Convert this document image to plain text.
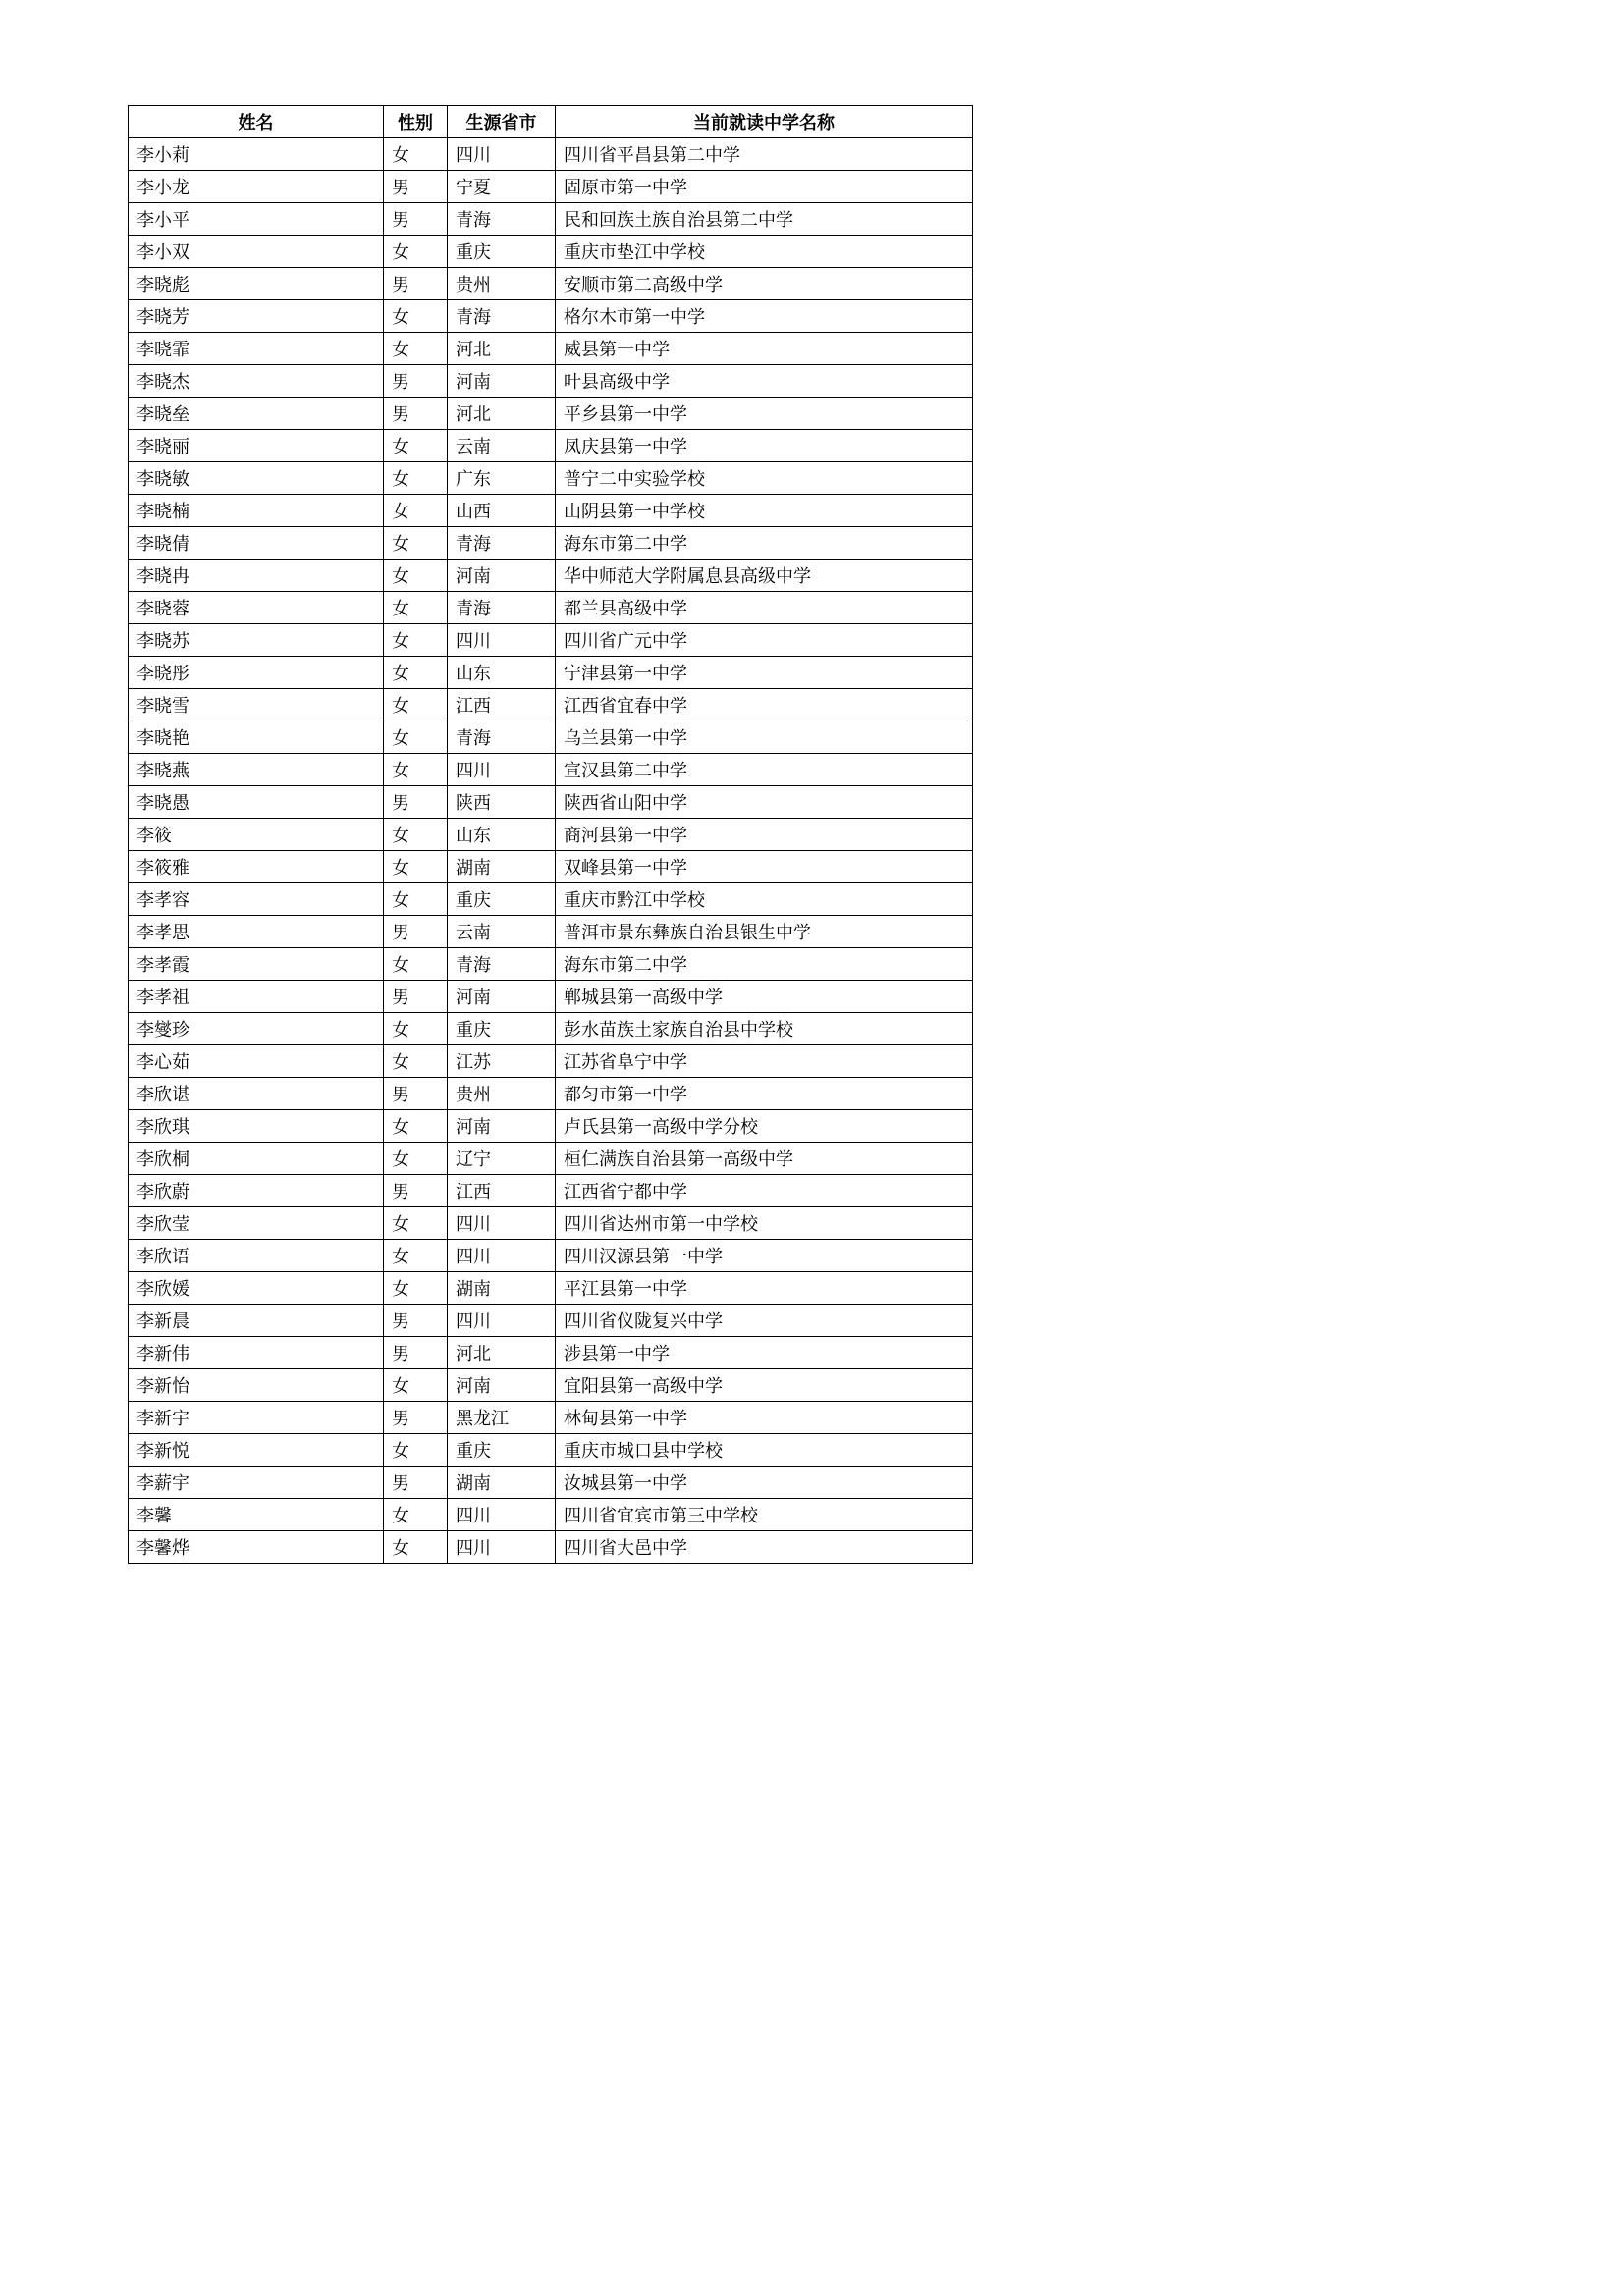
姓名	性别	生源省市	当前就读中学名称
李小莉	女	四川	四川省平昌县第二中学
李小龙	男	宁夏	固原市第一中学
李小平	男	青海	民和回族土族自治县第二中学
李小双	女	重庆	重庆市垫江中学校
李晓彪	男	贵州	安顺市第二高级中学
李晓芳	女	青海	格尔木市第一中学
李晓霏	女	河北	威县第一中学
李晓杰	男	河南	叶县高级中学
李晓垒	男	河北	平乡县第一中学
李晓丽	女	云南	凤庆县第一中学
李晓敏	女	广东	普宁二中实验学校
李晓楠	女	山西	山阴县第一中学校
李晓倩	女	青海	海东市第二中学
李晓冉	女	河南	华中师范大学附属息县高级中学
李晓蓉	女	青海	都兰县高级中学
李晓苏	女	四川	四川省广元中学
李晓彤	女	山东	宁津县第一中学
李晓雪	女	江西	江西省宜春中学
李晓艳	女	青海	乌兰县第一中学
李晓燕	女	四川	宣汉县第二中学
李晓愚	男	陕西	陕西省山阳中学
李筱	女	山东	商河县第一中学
李筱雅	女	湖南	双峰县第一中学
李孝容	女	重庆	重庆市黔江中学校
李孝思	男	云南	普洱市景东彝族自治县银生中学
李孝霞	女	青海	海东市第二中学
李孝祖	男	河南	郸城县第一高级中学
李燮珍	女	重庆	彭水苗族土家族自治县中学校
李心茹	女	江苏	江苏省阜宁中学
李欣谌	男	贵州	都匀市第一中学
李欣琪	女	河南	卢氏县第一高级中学分校
李欣桐	女	辽宁	桓仁满族自治县第一高级中学
李欣蔚	男	江西	江西省宁都中学
李欣莹	女	四川	四川省达州市第一中学校
李欣语	女	四川	四川汉源县第一中学
李欣媛	女	湖南	平江县第一中学
李新晨	男	四川	四川省仪陇复兴中学
李新伟	男	河北	涉县第一中学
李新怡	女	河南	宜阳县第一高级中学
李新宇	男	黑龙江	林甸县第一中学
李新悦	女	重庆	重庆市城口县中学校
李薪宇	男	湖南	汝城县第一中学
李馨	女	四川	四川省宜宾市第三中学校
李馨烨	女	四川	四川省大邑中学
